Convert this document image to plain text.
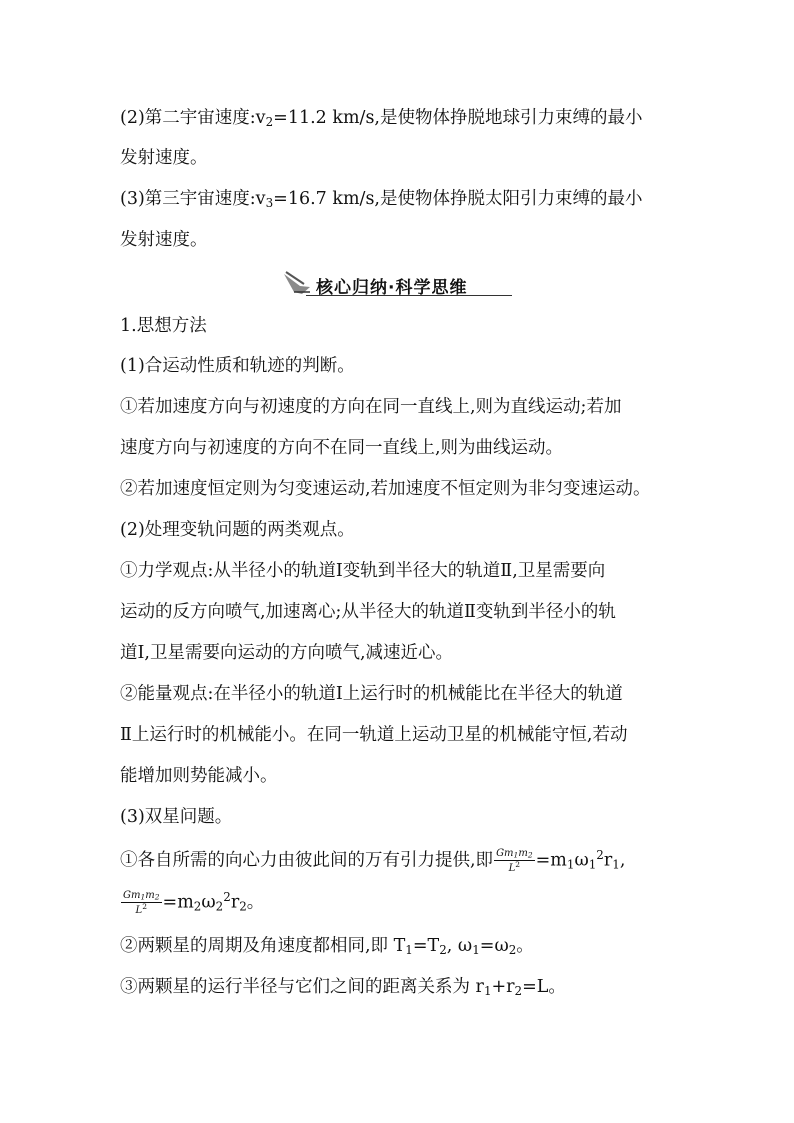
(2)第二宇宙速度$:v_2=11.2$ km/s,是使物体挣脱地球引力束缚的最小
发射速度。
(3)第三宇宙速度$:v_3=16.7$ km/s,是使物体挣脱太阳引力束缚的最小
发射速度。
核心归纳·科学思维
1.思想方法
(1)合运动性质和轨迹的判断。
①若加速度方向与初速度的方向在同一直线上,则为直线运动;若加
速度方向与初速度的方向不在同一直线上,则为曲线运动。
②若加速度恒定则为匀变速运动,若加速度不恒定则为非匀变速运动。
(2)处理变轨问题的两类观点。
①力学观点:从半径小的轨道Ⅰ变轨到半径大的轨道Ⅱ,卫星需要向
运动的反方向喷气,加速离心;从半径大的轨道Ⅱ变轨到半径小的轨
道Ⅰ,卫星需要向运动的方向喷气,减速近心。
②能量观点:在半径小的轨道Ⅰ上运行时的机械能比在半径大的轨道
Ⅱ上运行时的机械能小。在同一轨道上运动卫星的机械能守恒,若动
能增加则势能减小。
(3)双星问题。
①各自所需的向心力由彼此间的万有引力提供,即 $\frac{Gm1m2}{L^2} =m_1\omega_1^2r_1$,
$\frac{Gm1m2}{L^2} =m_2\omega_2^2r_2$。
②两颗星的周期及角速度都相同,即 $T_1=T_2$, $\omega_1=\omega_2$。
③两颗星的运行半径与它们之间的距离关系为 $r_1+r_2=L$。
